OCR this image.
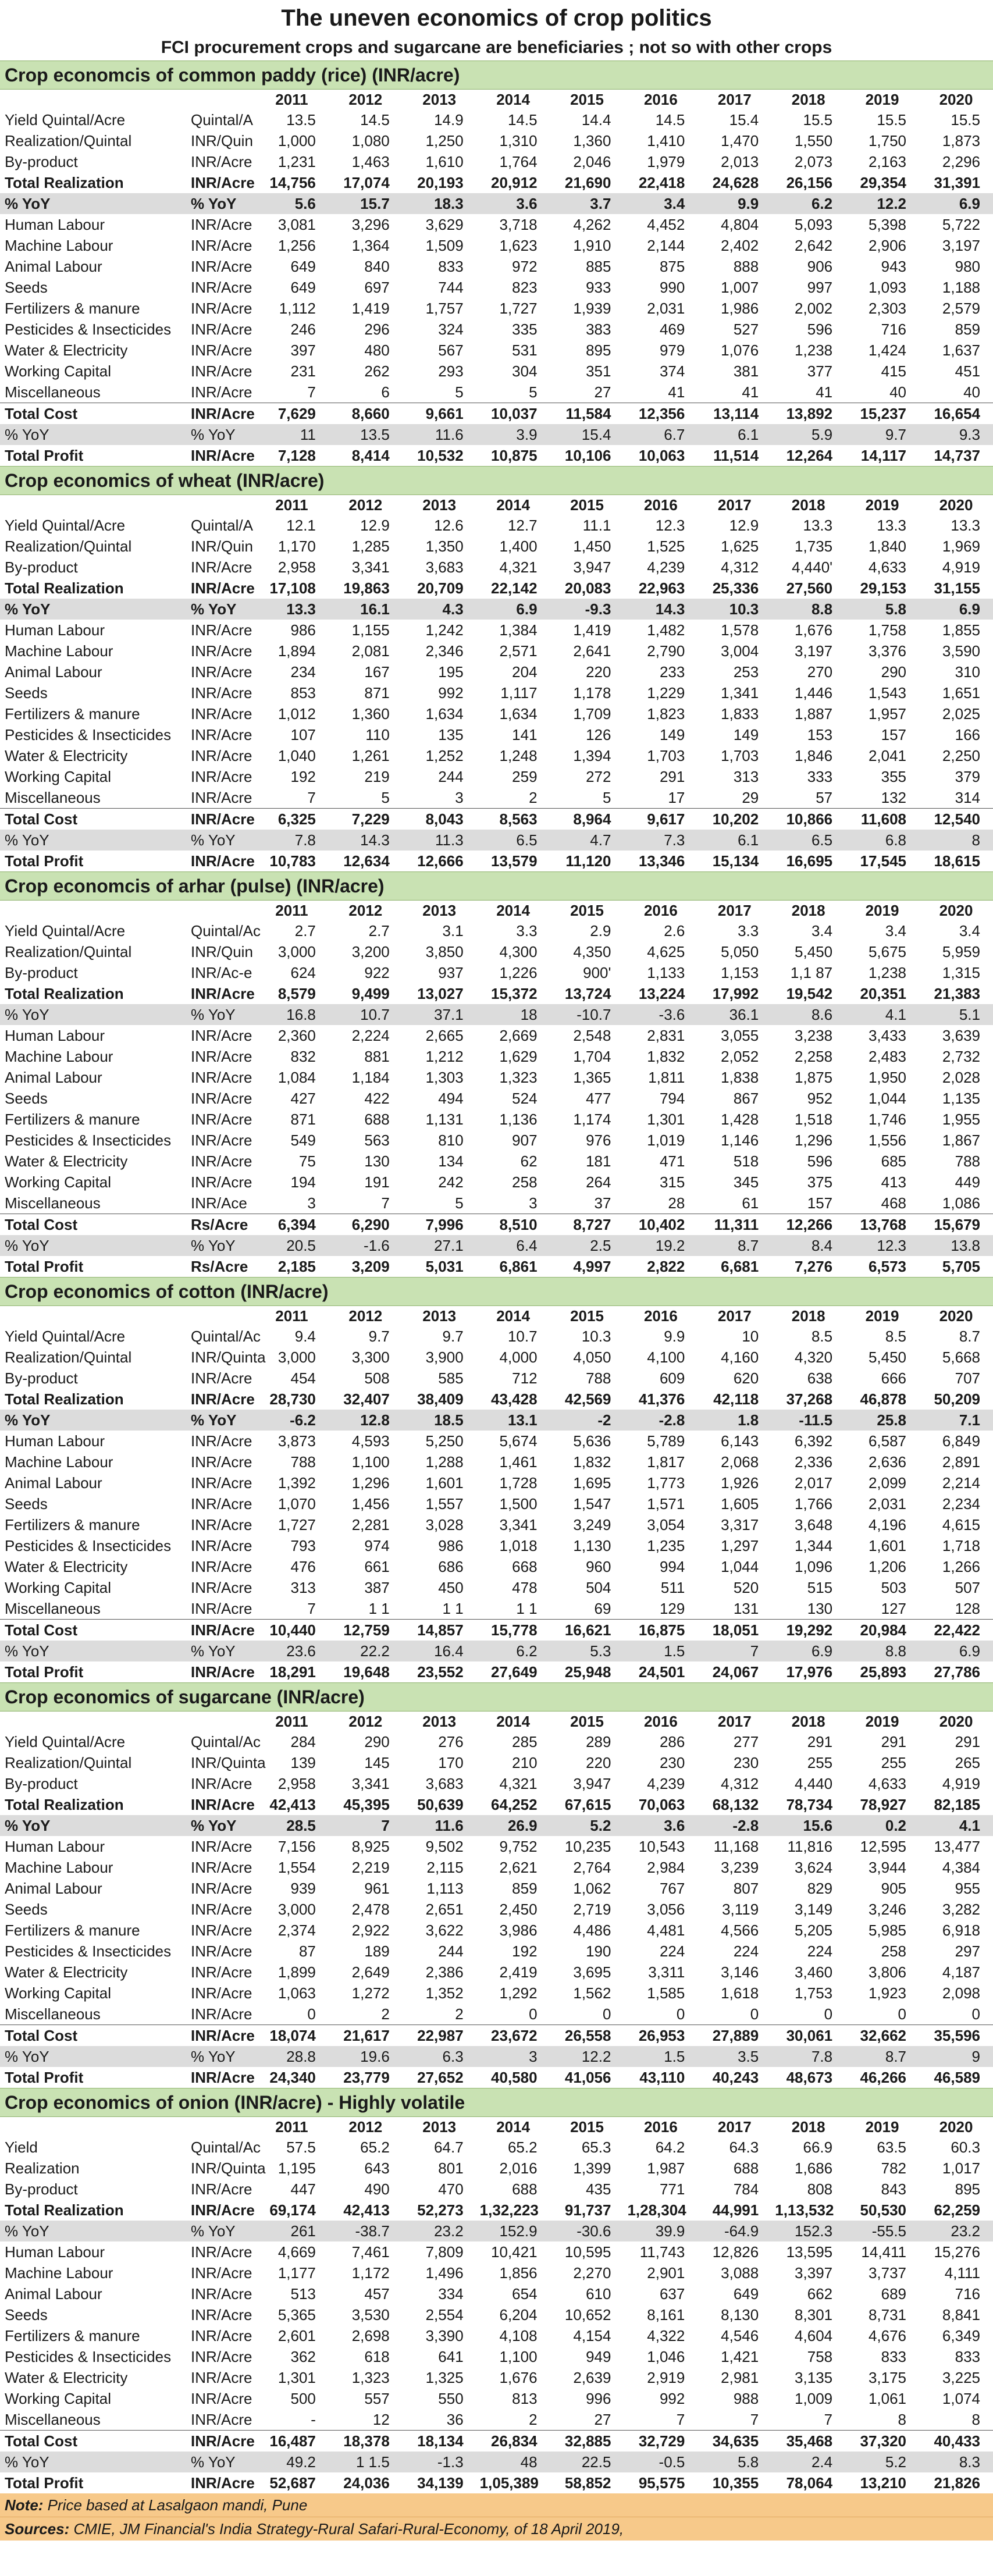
The uneven economics of crop politics
FCI procurement crops and sugarcane are beneficiaries ; not so with other crops
Crop economcis of common paddy (rice) (INR/acre)
		2011	2012	2013	2014	2015	2016	2017	2018	2019	2020
Yield Quintal/Acre	Quintal/A	13.5	14.5	14.9	14.5	14.4	14.5	15.4	15.5	15.5	15.5
Realization/Quintal	INR/Quin	1,000	1,080	1,250	1,310	1,360	1,410	1,470	1,550	1,750	1,873
By-product	INR/Acre	1,231	1,463	1,610	1,764	2,046	1,979	2,013	2,073	2,163	2,296
Total Realization	INR/Acre	14,756	17,074	20,193	20,912	21,690	22,418	24,628	26,156	29,354	31,391
% YoY	% YoY	5.6	15.7	18.3	3.6	3.7	3.4	9.9	6.2	12.2	6.9
Human Labour	INR/Acre	3,081	3,296	3,629	3,718	4,262	4,452	4,804	5,093	5,398	5,722
Machine Labour	INR/Acre	1,256	1,364	1,509	1,623	1,910	2,144	2,402	2,642	2,906	3,197
Animal Labour	INR/Acre	649	840	833	972	885	875	888	906	943	980
Seeds	INR/Acre	649	697	744	823	933	990	1,007	997	1,093	1,188
Fertilizers & manure	INR/Acre	1,112	1,419	1,757	1,727	1,939	2,031	1,986	2,002	2,303	2,579
Pesticides & Insecticides	INR/Acre	246	296	324	335	383	469	527	596	716	859
Water & Electricity	INR/Acre	397	480	567	531	895	979	1,076	1,238	1,424	1,637
Working Capital	INR/Acre	231	262	293	304	351	374	381	377	415	451
Miscellaneous	INR/Acre	7	6	5	5	27	41	41	41	40	40
Total Cost	INR/Acre	7,629	8,660	9,661	10,037	11,584	12,356	13,114	13,892	15,237	16,654
% YoY	% YoY	11	13.5	11.6	3.9	15.4	6.7	6.1	5.9	9.7	9.3
Total Profit	INR/Acre	7,128	8,414	10,532	10,875	10,106	10,063	11,514	12,264	14,117	14,737
Crop economics of wheat (INR/acre)
		2011	2012	2013	2014	2015	2016	2017	2018	2019	2020
Yield Quintal/Acre	Quintal/A	12.1	12.9	12.6	12.7	11.1	12.3	12.9	13.3	13.3	13.3
Realization/Quintal	INR/Quin	1,170	1,285	1,350	1,400	1,450	1,525	1,625	1,735	1,840	1,969
By-product	INR/Acre	2,958	3,341	3,683	4,321	3,947	4,239	4,312	4,440'	4,633	4,919
Total Realization	INR/Acre	17,108	19,863	20,709	22,142	20,083	22,963	25,336	27,560	29,153	31,155
% YoY	% YoY	13.3	16.1	4.3	6.9	-9.3	14.3	10.3	8.8	5.8	6.9
Human Labour	INR/Acre	986	1,155	1,242	1,384	1,419	1,482	1,578	1,676	1,758	1,855
Machine Labour	INR/Acre	1,894	2,081	2,346	2,571	2,641	2,790	3,004	3,197	3,376	3,590
Animal Labour	INR/Acre	234	167	195	204	220	233	253	270	290	310
Seeds	INR/Acre	853	871	992	1,117	1,178	1,229	1,341	1,446	1,543	1,651
Fertilizers & manure	INR/Acre	1,012	1,360	1,634	1,634	1,709	1,823	1,833	1,887	1,957	2,025
Pesticides & Insecticides	INR/Acre	107	110	135	141	126	149	149	153	157	166
Water & Electricity	INR/Acre	1,040	1,261	1,252	1,248	1,394	1,703	1,703	1,846	2,041	2,250
Working Capital	INR/Acre	192	219	244	259	272	291	313	333	355	379
Miscellaneous	INR/Acre	7	5	3	2	5	17	29	57	132	314
Total Cost	INR/Acre	6,325	7,229	8,043	8,563	8,964	9,617	10,202	10,866	11,608	12,540
% YoY	% YoY	7.8	14.3	11.3	6.5	4.7	7.3	6.1	6.5	6.8	8
Total Profit	INR/Acre	10,783	12,634	12,666	13,579	11,120	13,346	15,134	16,695	17,545	18,615
Crop economcis of arhar (pulse) (INR/acre)
		2011	2012	2013	2014	2015	2016	2017	2018	2019	2020
Yield Quintal/Acre	Quintal/Ac	2.7	2.7	3.1	3.3	2.9	2.6	3.3	3.4	3.4	3.4
Realization/Quintal	INR/Quin	3,000	3,200	3,850	4,300	4,350	4,625	5,050	5,450	5,675	5,959
By-product	INR/Ac-e	624	922	937	1,226	900'	1,133	1,153	1,1 87	1,238	1,315
Total Realization	INR/Acre	8,579	9,499	13,027	15,372	13,724	13,224	17,992	19,542	20,351	21,383
% YoY	% YoY	16.8	10.7	37.1	18	-10.7	-3.6	36.1	8.6	4.1	5.1
Human Labour	INR/Acre	2,360	2,224	2,665	2,669	2,548	2,831	3,055	3,238	3,433	3,639
Machine Labour	INR/Acre	832	881	1,212	1,629	1,704	1,832	2,052	2,258	2,483	2,732
Animal Labour	INR/Acre	1,084	1,184	1,303	1,323	1,365	1,811	1,838	1,875	1,950	2,028
Seeds	INR/Acre	427	422	494	524	477	794	867	952	1,044	1,135
Fertilizers & manure	INR/Acre	871	688	1,131	1,136	1,174	1,301	1,428	1,518	1,746	1,955
Pesticides & Insecticides	INR/Acre	549	563	810	907	976	1,019	1,146	1,296	1,556	1,867
Water & Electricity	INR/Acre	75	130	134	62	181	471	518	596	685	788
Working Capital	INR/Acre	194	191	242	258	264	315	345	375	413	449
Miscellaneous	INR/Ace	3	7	5	3	37	28	61	157	468	1,086
Total Cost	Rs/Acre	6,394	6,290	7,996	8,510	8,727	10,402	11,311	12,266	13,768	15,679
% YoY	% YoY	20.5	-1.6	27.1	6.4	2.5	19.2	8.7	8.4	12.3	13.8
Total Profit	Rs/Acre	2,185	3,209	5,031	6,861	4,997	2,822	6,681	7,276	6,573	5,705
Crop economics of cotton (INR/acre)
		2011	2012	2013	2014	2015	2016	2017	2018	2019	2020
Yield Quintal/Acre	Quintal/Ac	9.4	9.7	9.7	10.7	10.3	9.9	10	8.5	8.5	8.7
Realization/Quintal	INR/Quinta	3,000	3,300	3,900	4,000	4,050	4,100	4,160	4,320	5,450	5,668
By-product	INR/Acre	454	508	585	712	788	609	620	638	666	707
Total Realization	INR/Acre	28,730	32,407	38,409	43,428	42,569	41,376	42,118	37,268	46,878	50,209
% YoY	% YoY	-6.2	12.8	18.5	13.1	-2	-2.8	1.8	-11.5	25.8	7.1
Human Labour	INR/Acre	3,873	4,593	5,250	5,674	5,636	5,789	6,143	6,392	6,587	6,849
Machine Labour	INR/Acre	788	1,100	1,288	1,461	1,832	1,817	2,068	2,336	2,636	2,891
Animal Labour	INR/Acre	1,392	1,296	1,601	1,728	1,695	1,773	1,926	2,017	2,099	2,214
Seeds	INR/Acre	1,070	1,456	1,557	1,500	1,547	1,571	1,605	1,766	2,031	2,234
Fertilizers & manure	INR/Acre	1,727	2,281	3,028	3,341	3,249	3,054	3,317	3,648	4,196	4,615
Pesticides & Insecticides	INR/Acre	793	974	986	1,018	1,130	1,235	1,297	1,344	1,601	1,718
Water & Electricity	INR/Acre	476	661	686	668	960	994	1,044	1,096	1,206	1,266
Working Capital	INR/Acre	313	387	450	478	504	511	520	515	503	507
Miscellaneous	INR/Acre	7	1 1	1 1	1 1	69	129	131	130	127	128
Total Cost	INR/Acre	10,440	12,759	14,857	15,778	16,621	16,875	18,051	19,292	20,984	22,422
% YoY	% YoY	23.6	22.2	16.4	6.2	5.3	1.5	7	6.9	8.8	6.9
Total Profit	INR/Acre	18,291	19,648	23,552	27,649	25,948	24,501	24,067	17,976	25,893	27,786
Crop economics of sugarcane (INR/acre)
		2011	2012	2013	2014	2015	2016	2017	2018	2019	2020
Yield Quintal/Acre	Quintal/Ac	284	290	276	285	289	286	277	291	291	291
Realization/Quintal	INR/Quinta	139	145	170	210	220	230	230	255	255	265
By-product	INR/Acre	2,958	3,341	3,683	4,321	3,947	4,239	4,312	4,440	4,633	4,919
Total Realization	INR/Acre	42,413	45,395	50,639	64,252	67,615	70,063	68,132	78,734	78,927	82,185
% YoY	% YoY	28.5	7	11.6	26.9	5.2	3.6	-2.8	15.6	0.2	4.1
Human Labour	INR/Acre	7,156	8,925	9,502	9,752	10,235	10,543	11,168	11,816	12,595	13,477
Machine Labour	INR/Acre	1,554	2,219	2,115	2,621	2,764	2,984	3,239	3,624	3,944	4,384
Animal Labour	INR/Acre	939	961	1,113	859	1,062	767	807	829	905	955
Seeds	INR/Acre	3,000	2,478	2,651	2,450	2,719	3,056	3,119	3,149	3,246	3,282
Fertilizers & manure	INR/Acre	2,374	2,922	3,622	3,986	4,486	4,481	4,566	5,205	5,985	6,918
Pesticides & Insecticides	INR/Acre	87	189	244	192	190	224	224	224	258	297
Water & Electricity	INR/Acre	1,899	2,649	2,386	2,419	3,695	3,311	3,146	3,460	3,806	4,187
Working Capital	INR/Acre	1,063	1,272	1,352	1,292	1,562	1,585	1,618	1,753	1,923	2,098
Miscellaneous	INR/Acre	0	2	2	0	0	0	0	0	0	0
Total Cost	INR/Acre	18,074	21,617	22,987	23,672	26,558	26,953	27,889	30,061	32,662	35,596
% YoY	% YoY	28.8	19.6	6.3	3	12.2	1.5	3.5	7.8	8.7	9
Total Profit	INR/Acre	24,340	23,779	27,652	40,580	41,056	43,110	40,243	48,673	46,266	46,589
Crop economics of onion (INR/acre) - Highly volatile
		2011	2012	2013	2014	2015	2016	2017	2018	2019	2020
Yield	Quintal/Ac	57.5	65.2	64.7	65.2	65.3	64.2	64.3	66.9	63.5	60.3
Realization	INR/Quinta	1,195	643	801	2,016	1,399	1,987	688	1,686	782	1,017
By-product	INR/Acre	447	490	470	688	435	771	784	808	843	895
Total Realization	INR/Acre	69,174	42,413	52,273	1,32,223	91,737	1,28,304	44,991	1,13,532	50,530	62,259
% YoY	% YoY	261	-38.7	23.2	152.9	-30.6	39.9	-64.9	152.3	-55.5	23.2
Human Labour	INR/Acre	4,669	7,461	7,809	10,421	10,595	11,743	12,826	13,595	14,411	15,276
Machine Labour	INR/Acre	1,177	1,172	1,496	1,856	2,270	2,901	3,088	3,397	3,737	4,111
Animal Labour	INR/Acre	513	457	334	654	610	637	649	662	689	716
Seeds	INR/Acre	5,365	3,530	2,554	6,204	10,652	8,161	8,130	8,301	8,731	8,841
Fertilizers & manure	INR/Acre	2,601	2,698	3,390	4,108	4,154	4,322	4,546	4,604	4,676	6,349
Pesticides & Insecticides	INR/Acre	362	618	641	1,100	949	1,046	1,421	758	833	833
Water & Electricity	INR/Acre	1,301	1,323	1,325	1,676	2,639	2,919	2,981	3,135	3,175	3,225
Working Capital	INR/Acre	500	557	550	813	996	992	988	1,009	1,061	1,074
Miscellaneous	INR/Acre	-	12	36	2	27	7	7	7	8	8
Total Cost	INR/Acre	16,487	18,378	18,134	26,834	32,885	32,729	34,635	35,468	37,320	40,433
% YoY	% YoY	49.2	1 1.5	-1.3	48	22.5	-0.5	5.8	2.4	5.2	8.3
Total Profit	INR/Acre	52,687	24,036	34,139	1,05,389	58,852	95,575	10,355	78,064	13,210	21,826
Note: Price based at Lasalgaon mandi, Pune
Sources: CMIE, JM Financial's India Strategy-Rural Safari-Rural-Economy, of 18 April 2019,
